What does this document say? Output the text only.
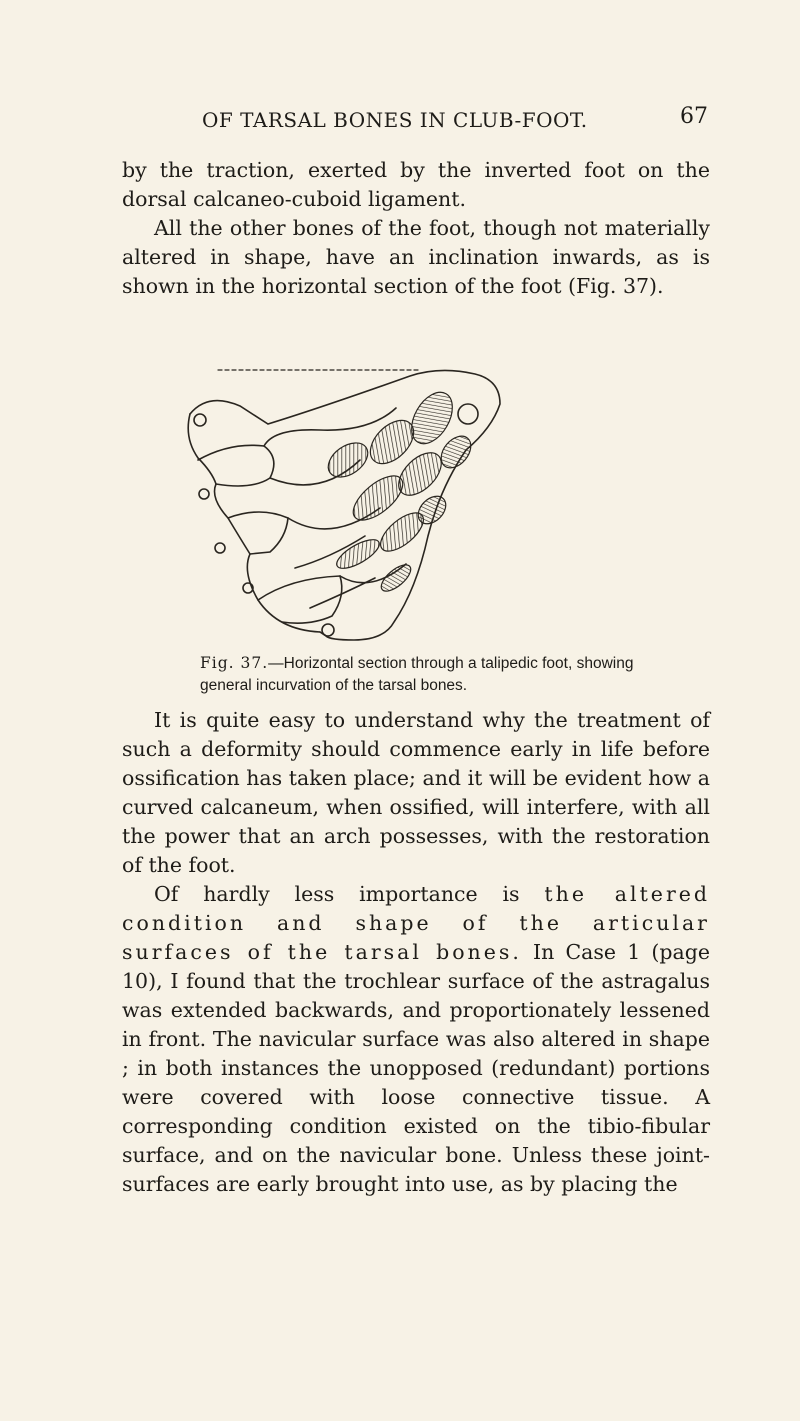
OF TARSAL BONES IN CLUB-FOOT.	67

by the traction, exerted by the inverted foot on the dorsal calcaneo-cuboid ligament.

All the other bones of the foot, though not materially altered in shape, have an inclination inwards, as is shown in the horizontal section of the foot (Fig. 37).

Fig. 37.—Horizontal section through a talipedic foot, showing general incurvation of the tarsal bones.

It is quite easy to understand why the treatment of such a deformity should commence early in life before ossification has taken place; and it will be evident how a curved calcaneum, when ossified, will interfere, with all the power that an arch possesses, with the restoration of the foot.

Of hardly less importance is the altered condition and shape of the articular surfaces of the tarsal bones. In Case 1 (page 10), I found that the trochlear surface of the astragalus was extended backwards, and proportionately lessened in front. The navicular surface was also altered in shape ; in both instances the unopposed (redundant) portions were covered with loose connective tissue. A corresponding condition existed on the tibio-fibular surface, and on the navicular bone. Unless these joint-surfaces are early brought into use, as by placing the
